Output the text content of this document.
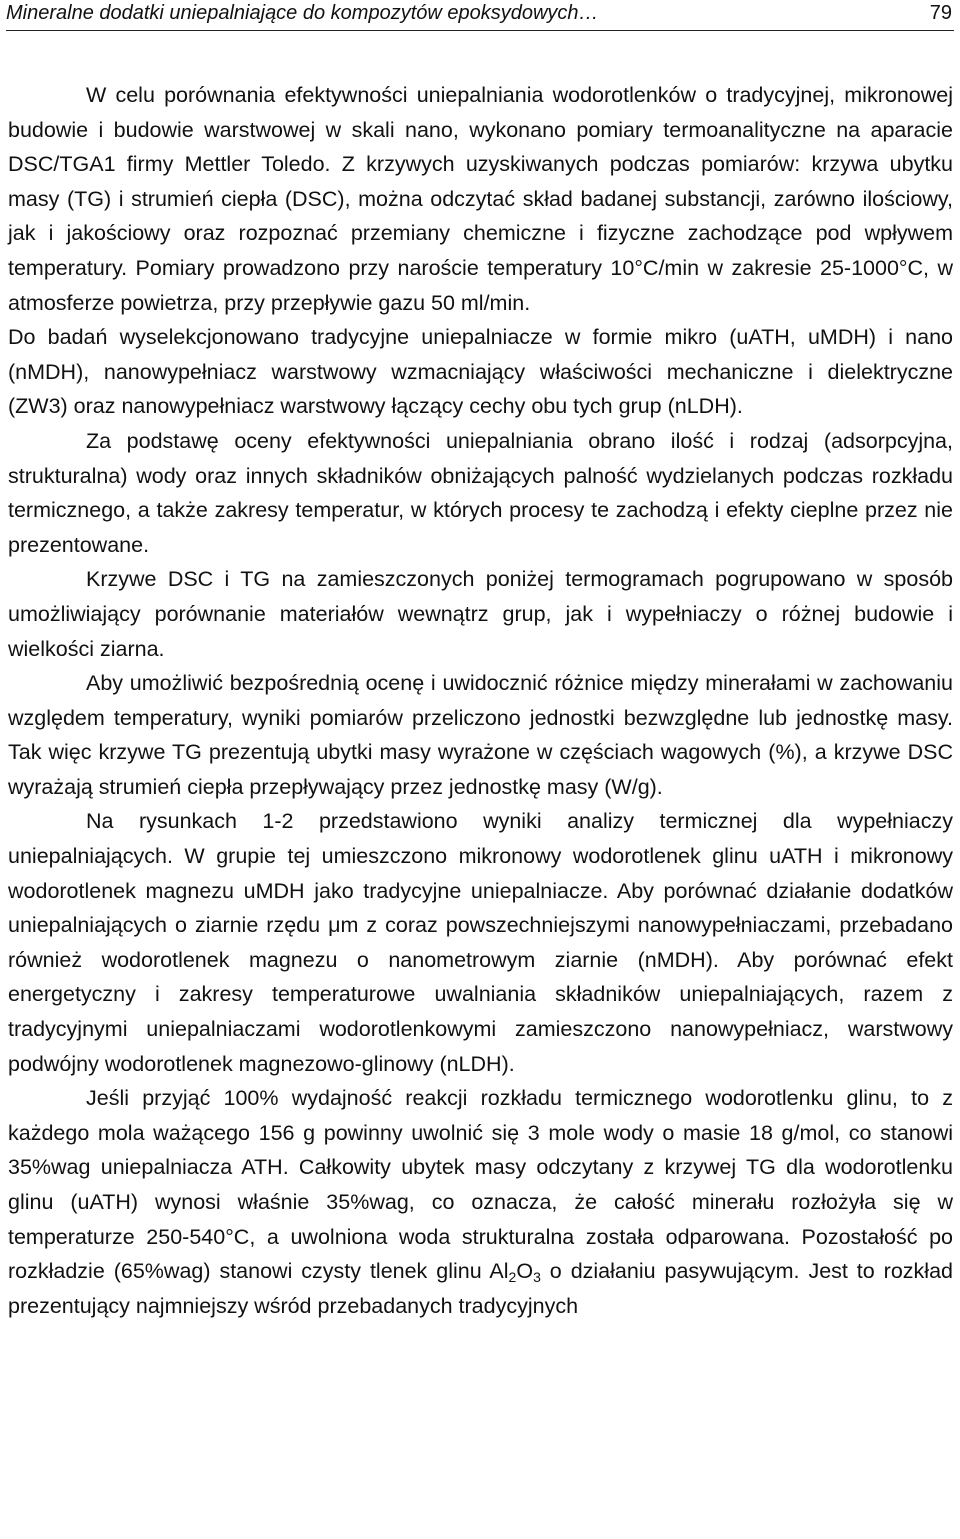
Mineralne dodatki uniepalniające do kompozytów epoksydowych…	79

W celu porównania efektywności uniepalniania wodorotlenków o tradycyjnej, mikronowej budowie i budowie warstwowej w skali nano, wykonano pomiary termoanalityczne na aparacie DSC/TGA1 firmy Mettler Toledo. Z krzywych uzyskiwanych podczas pomiarów: krzywa ubytku masy (TG) i strumień ciepła (DSC), można odczytać skład badanej substancji, zarówno ilościowy, jak i jakościowy oraz rozpoznać przemiany chemiczne i fizyczne zachodzące pod wpływem temperatury. Pomiary prowadzono przy naroście temperatury 10°C/min w zakresie 25-1000°C, w atmosferze powietrza, przy przepływie gazu 50 ml/min.

Do badań wyselekcjonowano tradycyjne uniepalniacze w formie mikro (uATH, uMDH) i nano (nMDH), nanowypełniacz warstwowy wzmacniający właściwości mechaniczne i dielektryczne (ZW3) oraz nanowypełniacz warstwowy łączący cechy obu tych grup (nLDH).

Za podstawę oceny efektywności uniepalniania obrano ilość i rodzaj (adsorpcyjna, strukturalna) wody oraz innych składników obniżających palność wydzielanych podczas rozkładu termicznego, a także zakresy temperatur, w których procesy te zachodzą i efekty cieplne przez nie prezentowane.

Krzywe DSC i TG na zamieszczonych poniżej termogramach pogrupowano w sposób umożliwiający porównanie materiałów wewnątrz grup, jak i wypełniaczy o różnej budowie i wielkości ziarna.

Aby umożliwić bezpośrednią ocenę i uwidocznić różnice między minerałami w zachowaniu względem temperatury, wyniki pomiarów przeliczono jednostki bezwzględne lub jednostkę masy. Tak więc krzywe TG prezentują ubytki masy wyrażone w częściach wagowych (%), a krzywe DSC wyrażają strumień ciepła przepływający przez jednostkę masy (W/g).

Na rysunkach 1-2 przedstawiono wyniki analizy termicznej dla wypełniaczy uniepalniających. W grupie tej umieszczono mikronowy wodorotlenek glinu uATH i mikronowy wodorotlenek magnezu uMDH jako tradycyjne uniepalniacze. Aby porównać działanie dodatków uniepalniających o ziarnie rzędu μm z coraz powszechniejszymi nanowypełniaczami, przebadano również wodorotlenek magnezu o nanometrowym ziarnie (nMDH). Aby porównać efekt energetyczny i zakresy temperaturowe uwalniania składników uniepalniających, razem z tradycyjnymi uniepalniaczami wodorotlenkowymi zamieszczono nanowypełniacz, warstwowy podwójny wodorotlenek magnezowo-glinowy (nLDH).

Jeśli przyjąć 100% wydajność reakcji rozkładu termicznego wodorotlenku glinu, to z każdego mola ważącego 156 g powinny uwolnić się 3 mole wody o masie 18 g/mol, co stanowi 35%wag uniepalniacza ATH. Całkowity ubytek masy odczytany z krzywej TG dla wodorotlenku glinu (uATH) wynosi właśnie 35%wag, co oznacza, że całość minerału rozłożyła się w temperaturze 250-540°C, a uwolniona woda strukturalna została odparowana. Pozostałość po rozkładzie (65%wag) stanowi czysty tlenek glinu $Al_2O_3$ o działaniu pasywującym. Jest to rozkład prezentujący najmniejszy wśród przebadanych tradycyjnych
